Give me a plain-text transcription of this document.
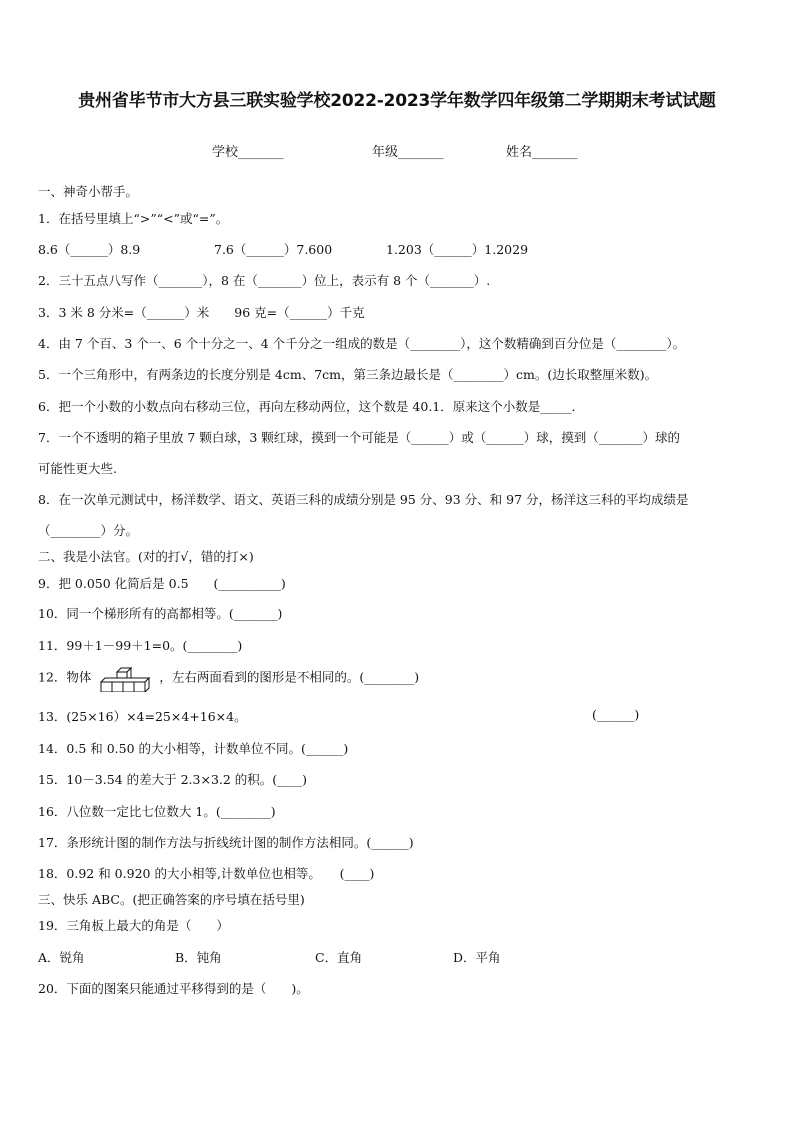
贵州省毕节市大方县三联实验学校2022-2023学年数学四年级第二学期期末考试试题
学校_______	年级_______	姓名_______
一、神奇小帮手。
1．在括号里填上“>”“<”或“=”。
8.6（______）8.9	7.6（______）7.600	1.203（______）1.2029
2．三十五点八写作（_______），8 在（_______）位上，表示有 8 个（_______）.
3．3 米 8 分米=（______）米　　96 克=（______）千克
4．由 7 个百、3 个一、6 个十分之一、4 个千分之一组成的数是（________），这个数精确到百分位是（________）。
5．一个三角形中，有两条边的长度分别是 4cm、7cm，第三条边最长是（________）cm。(边长取整厘米数)。
6．把一个小数的小数点向右移动三位，再向左移动两位，这个数是 40.1．原来这个小数是_____．
7．一个不透明的箱子里放 7 颗白球，3 颗红球，摸到一个可能是（______）或（______）球，摸到（_______）球的
可能性更大些.
8．在一次单元测试中，杨洋数学、语文、英语三科的成绩分别是 95 分、93 分、和 97 分，杨洋这三科的平均成绩是
（________）分。
二、我是小法官。(对的打√，错的打×)
9．把 0.050 化简后是 0.5　　(__________)
10．同一个梯形所有的高都相等。(_______)
11．99＋1－99＋1=0。(________)
12．物体	，左右两面看到的图形是不相同的。(________)
13．(25×16）×4=25×4+16×4。	(______)
14．0.5 和 0.50 的大小相等，计数单位不同。(______)
15．10－3.54 的差大于 2.3×3.2 的积。(____)
16．八位数一定比七位数大 1。(________)
17．条形统计图的制作方法与折线统计图的制作方法相同。(______)
18．0.92 和 0.920 的大小相等,计数单位也相等。　　(____)
三、快乐 ABC。(把正确答案的序号填在括号里)
19．三角板上最大的角是（　　）
A．锐角	B．钝角	C．直角	D．平角
20．下面的图案只能通过平移得到的是（　　)。
